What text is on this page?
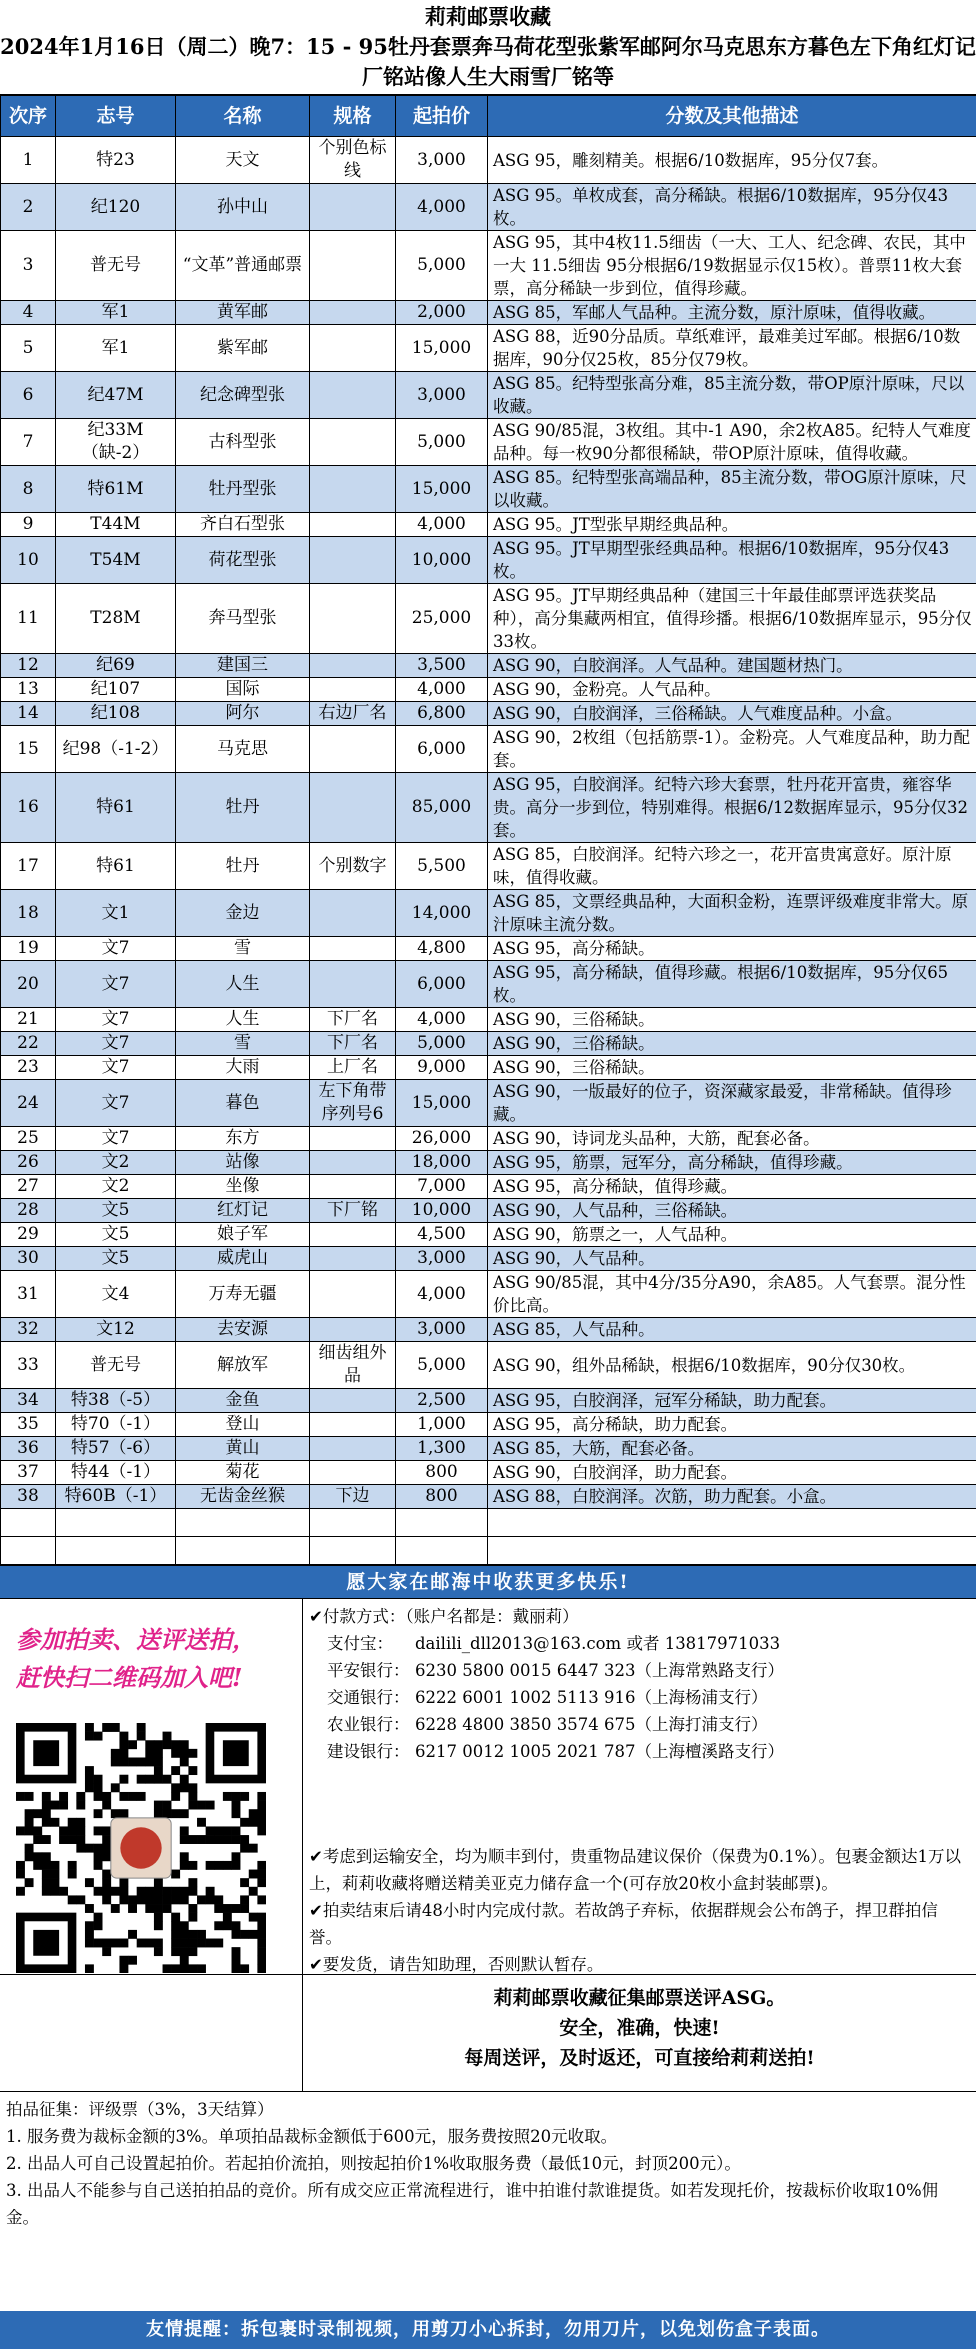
莉莉邮票收藏
2024年1月16日（周二）晚7：15 - 95牡丹套票奔马荷花型张紫军邮阿尔马克思东方暮色左下角红灯记厂铭站像人生大雨雪厂铭等
次序	志号	名称	规格	起拍价	分数及其他描述
1	特23	天文	个别色标线	3,000	ASG 95，雕刻精美。根据6/10数据库，95分仅7套。
2	纪120	孙中山		4,000	ASG 95。单枚成套，高分稀缺。根据6/10数据库，95分仅43枚。
3	普无号	“文革”普通邮票		5,000	ASG 95，其中4枚11.5细齿（一大、工人、纪念碑、农民，其中一大 11.5细齿 95分根据6/19数据显示仅15枚）。普票11枚大套票，高分稀缺一步到位，值得珍藏。
4	军1	黄军邮		2,000	ASG 85，军邮人气品种。主流分数，原汁原味，值得收藏。
5	军1	紫军邮		15,000	ASG 88，近90分品质。草纸难评，最难美过军邮。根据6/10数据库，90分仅25枚，85分仅79枚。
6	纪47M	纪念碑型张		3,000	ASG 85。纪特型张高分难，85主流分数，带OP原汁原味，尺以收藏。
7	纪33M（缺-2）	古科型张		5,000	ASG 90/85混，3枚组。其中-1 A90，余2枚A85。纪特人气难度品种。每一枚90分都很稀缺，带OP原汁原味，值得收藏。
8	特61M	牡丹型张		15,000	ASG 85。纪特型张高端品种，85主流分数，带OG原汁原味，尺以收藏。
9	T44M	齐白石型张		4,000	ASG 95。JT型张早期经典品种。
10	T54M	荷花型张		10,000	ASG 95。JT早期型张经典品种。根据6/10数据库，95分仅43枚。
11	T28M	奔马型张		25,000	ASG 95。JT早期经典品种（建国三十年最佳邮票评选获奖品种），高分集藏两相宜，值得珍播。根据6/10数据库显示，95分仅33枚。
12	纪69	建国三		3,500	ASG 90，白胶润泽。人气品种。建国题材热门。
13	纪107	国际		4,000	ASG 90，金粉亮。人气品种。
14	纪108	阿尔	右边厂名	6,800	ASG 90，白胶润泽，三俗稀缺。人气难度品种。小盒。
15	纪98（-1-2）	马克思		6,000	ASG 90，2枚组（包括筋票-1）。金粉亮。人气难度品种，助力配套。
16	特61	牡丹		85,000	ASG 95，白胶润泽。纪特六珍大套票，牡丹花开富贵，雍容华贵。高分一步到位，特别难得。根据6/12数据库显示，95分仅32套。
17	特61	牡丹	个别数字	5,500	ASG 85，白胶润泽。纪特六珍之一，花开富贵寓意好。原汁原味，值得收藏。
18	文1	金边		14,000	ASG 85，文票经典品种，大面积金粉，连票评级难度非常大。原汁原味主流分数。
19	文7	雪		4,800	ASG 95，高分稀缺。
20	文7	人生		6,000	ASG 95，高分稀缺，值得珍藏。根据6/10数据库，95分仅65枚。
21	文7	人生	下厂名	4,000	ASG 90，三俗稀缺。
22	文7	雪	下厂名	5,000	ASG 90，三俗稀缺。
23	文7	大雨	上厂名	9,000	ASG 90，三俗稀缺。
24	文7	暮色	左下角带序列号6	15,000	ASG 90，一版最好的位子，资深藏家最爱，非常稀缺。值得珍藏。
25	文7	东方		26,000	ASG 90，诗词龙头品种，大筋，配套必备。
26	文2	站像		18,000	ASG 95，筋票，冠军分，高分稀缺，值得珍藏。
27	文2	坐像		7,000	ASG 95，高分稀缺，值得珍藏。
28	文5	红灯记	下厂铭	10,000	ASG 90，人气品种，三俗稀缺。
29	文5	娘子军		4,500	ASG 90，筋票之一，人气品种。
30	文5	威虎山		3,000	ASG 90，人气品种。
31	文4	万寿无疆		4,000	ASG 90/85混，其中4分/35分A90，余A85。人气套票。混分性价比高。
32	文12	去安源		3,000	ASG 85，人气品种。
33	普无号	解放军	细齿组外品	5,000	ASG 90，组外品稀缺，根据6/10数据库，90分仅30枚。
34	特38（-5）	金鱼		2,500	ASG 95，白胶润泽，冠军分稀缺，助力配套。
35	特70（-1）	登山		1,000	ASG 95，高分稀缺，助力配套。
36	特57（-6）	黄山		1,300	ASG 85，大筋，配套必备。
37	特44（-1）	菊花		800	ASG 90，白胶润泽，助力配套。
38	特60B（-1）	无齿金丝猴	下边	800	ASG 88，白胶润泽。次筋，助力配套。小盒。

愿大家在邮海中收获更多快乐!
参加拍卖、送评送拍，
赶快扫二维码加入吧!
✔付款方式：（账户名都是：戴丽莉）
支付宝：	dailili_dll2013@163.com 或者 13817971033
平安银行： 6230 5800 0015 6447 323（上海常熟路支行）
交通银行： 6222 6001 1002 5113 916（上海杨浦支行）
农业银行： 6228 4800 3850 3574 675（上海打浦支行）
建设银行： 6217 0012 1005 2021 787（上海檀溪路支行）
✔考虑到运输安全，均为顺丰到付，贵重物品建议保价（保费为0.1%）。包裹金额达1万以上，莉莉收藏将赠送精美亚克力储存盒一个(可存放20枚小盒封装邮票)。
✔拍卖结束后请48小时内完成付款。若故鸽子弃标，依据群规会公布鸽子，捍卫群拍信誉。
✔要发货，请告知助理，否则默认暂存。
莉莉邮票收藏征集邮票送评ASG。
安全，准确，快速!
每周送评，及时返还，可直接给莉莉送拍!
拍品征集：评级票（3%，3天结算）
1. 服务费为裁标金额的3%。单项拍品裁标金额低于600元，服务费按照20元收取。
2. 出品人可自己设置起拍价。若起拍价流拍，则按起拍价1%收取服务费（最低10元，封顶200元）。
3. 出品人不能参与自己送拍拍品的竞价。所有成交应正常流程进行，谁中拍谁付款谁提货。如若发现托价，按裁标价收取10%佣金。
友情提醒：拆包裹时录制视频，用剪刀小心拆封，勿用刀片，以免划伤盒子表面。
